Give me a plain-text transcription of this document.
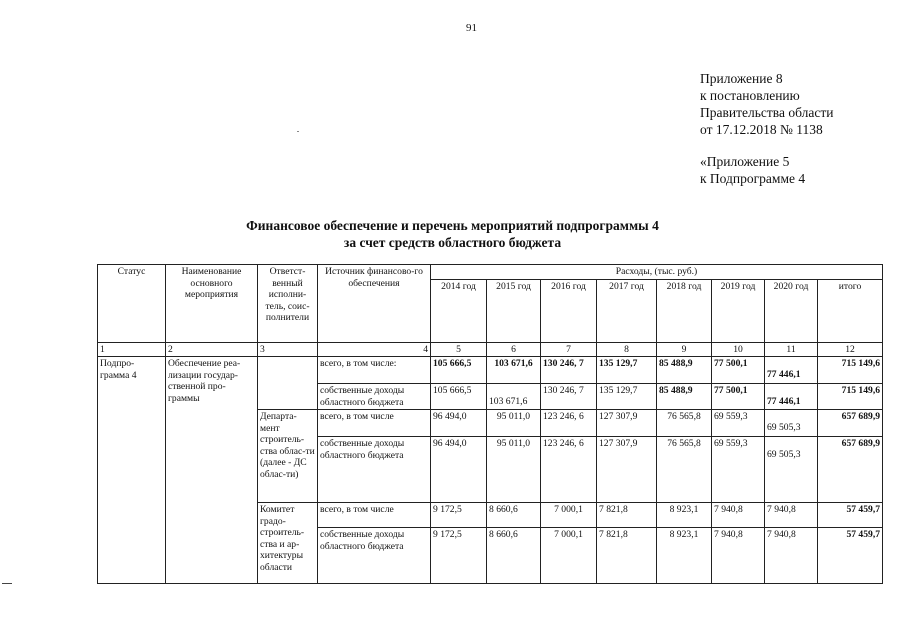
91
Приложение 8
к постановлению
Правительства области
от 17.12.2018 № 1138
«Приложение 5
к Подпрограмме 4
Финансовое обеспечение и перечень мероприятий подпрограммы 4
за счет средств областного бюджета
Статус	Наименование основного мероприятия	Ответст-венный исполни-тель, соис-полнители	Источник финансово-го обеспечения	Расходы, (тыс. руб.)							
				2014 год	2015 год	2016 год	2017 год	2018 год	2019 год	2020 год	итого
1	2	3	4	5	6	7	8	9	10	11	12
Подпро-грамма 4	Обеспечение реа-лизации государ-ственной про-граммы		всего, в том числе:	105 666,5	103 671,6	130 246, 7	135 129,7	85 488,9	77 500,1	77 446,1	715 149,6
			собственные доходы областного бюджета	105 666,5	103 671,6	130 246, 7	135 129,7	85 488,9	77 500,1	77 446,1	715 149,6
		Департа-мент строитель-ства облас-ти (далее - ДС облас-ти)	всего, в том числе	96 494,0	95 011,0	123 246, 6	127 307,9	76 565,8	69 559,3	69 505,3	657 689,9
			собственные доходы областного бюджета	96 494,0	95 011,0	123 246, 6	127 307,9	76 565,8	69 559,3	69 505,3	657 689,9
		Комитет градо-строитель-ства и ар-хитектуры области	всего, в том числе	9 172,5	8 660,6	7 000,1	7 821,8	8 923,1	7 940,8	7 940,8	57 459,7
			собственные доходы областного бюджета	9 172,5	8 660,6	7 000,1	7 821,8	8 923,1	7 940,8	7 940,8	57 459,7
